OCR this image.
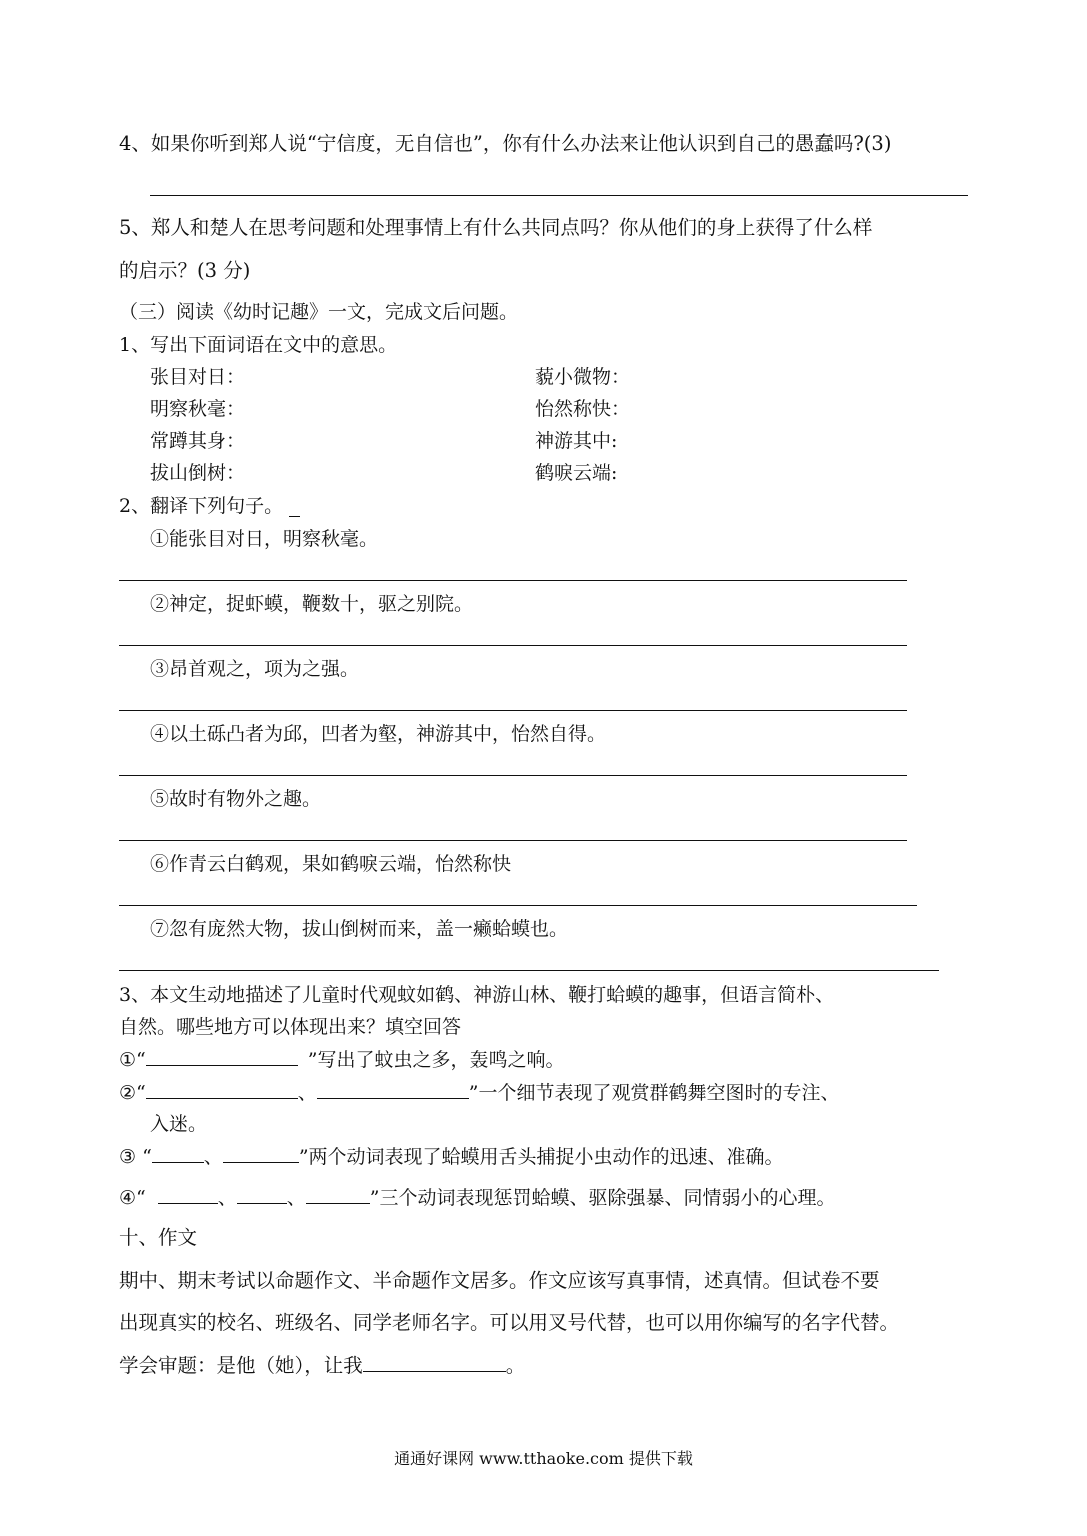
4、如果你听到郑人说“宁信度，无自信也”，你有什么办法来让他认识到自己的愚蠢吗?(3)
5、郑人和楚人在思考问题和处理事情上有什么共同点吗？你从他们的身上获得了什么样
的启示？(3 分)
（三）阅读《幼时记趣》一文，完成文后问题。
1、写出下面词语在文中的意思。
张目对日：	藐小微物：
明察秋毫：	怡然称快：
常蹲其身：	神游其中:
拔山倒树：	鹤唳云端:
2、翻译下列句子。
①能张目对日，明察秋毫。
②神定，捉虾蟆，鞭数十，驱之别院。
③昂首观之，项为之强。
④以土砾凸者为邱，凹者为壑，神游其中，怡然自得。
⑤故时有物外之趣。
⑥作青云白鹤观，果如鹤唳云端，怡然称快
⑦忽有庞然大物，拔山倒树而来，盖一癞蛤蟆也。
3、本文生动地描述了儿童时代观蚊如鹤、神游山林、鞭打蛤蟆的趣事，但语言简朴、
自然。哪些地方可以体现出来？填空回答
①“	”写出了蚊虫之多，轰鸣之响。
②“	、	”一个细节表现了观赏群鹤舞空图时的专注、
入迷。
③ “	、	”两个动词表现了蛤蟆用舌头捕捉小虫动作的迅速、准确。
④“	、	、	”三个动词表现惩罚蛤蟆、驱除强暴、同情弱小的心理。
十、作文
期中、期末考试以命题作文、半命题作文居多。作文应该写真事情，述真情。但试卷不要
出现真实的校名、班级名、同学老师名字。可以用叉号代替，也可以用你编写的名字代替。
学会审题：是他（她），让我	。
通通好课网 www.tthaoke.com 提供下载
